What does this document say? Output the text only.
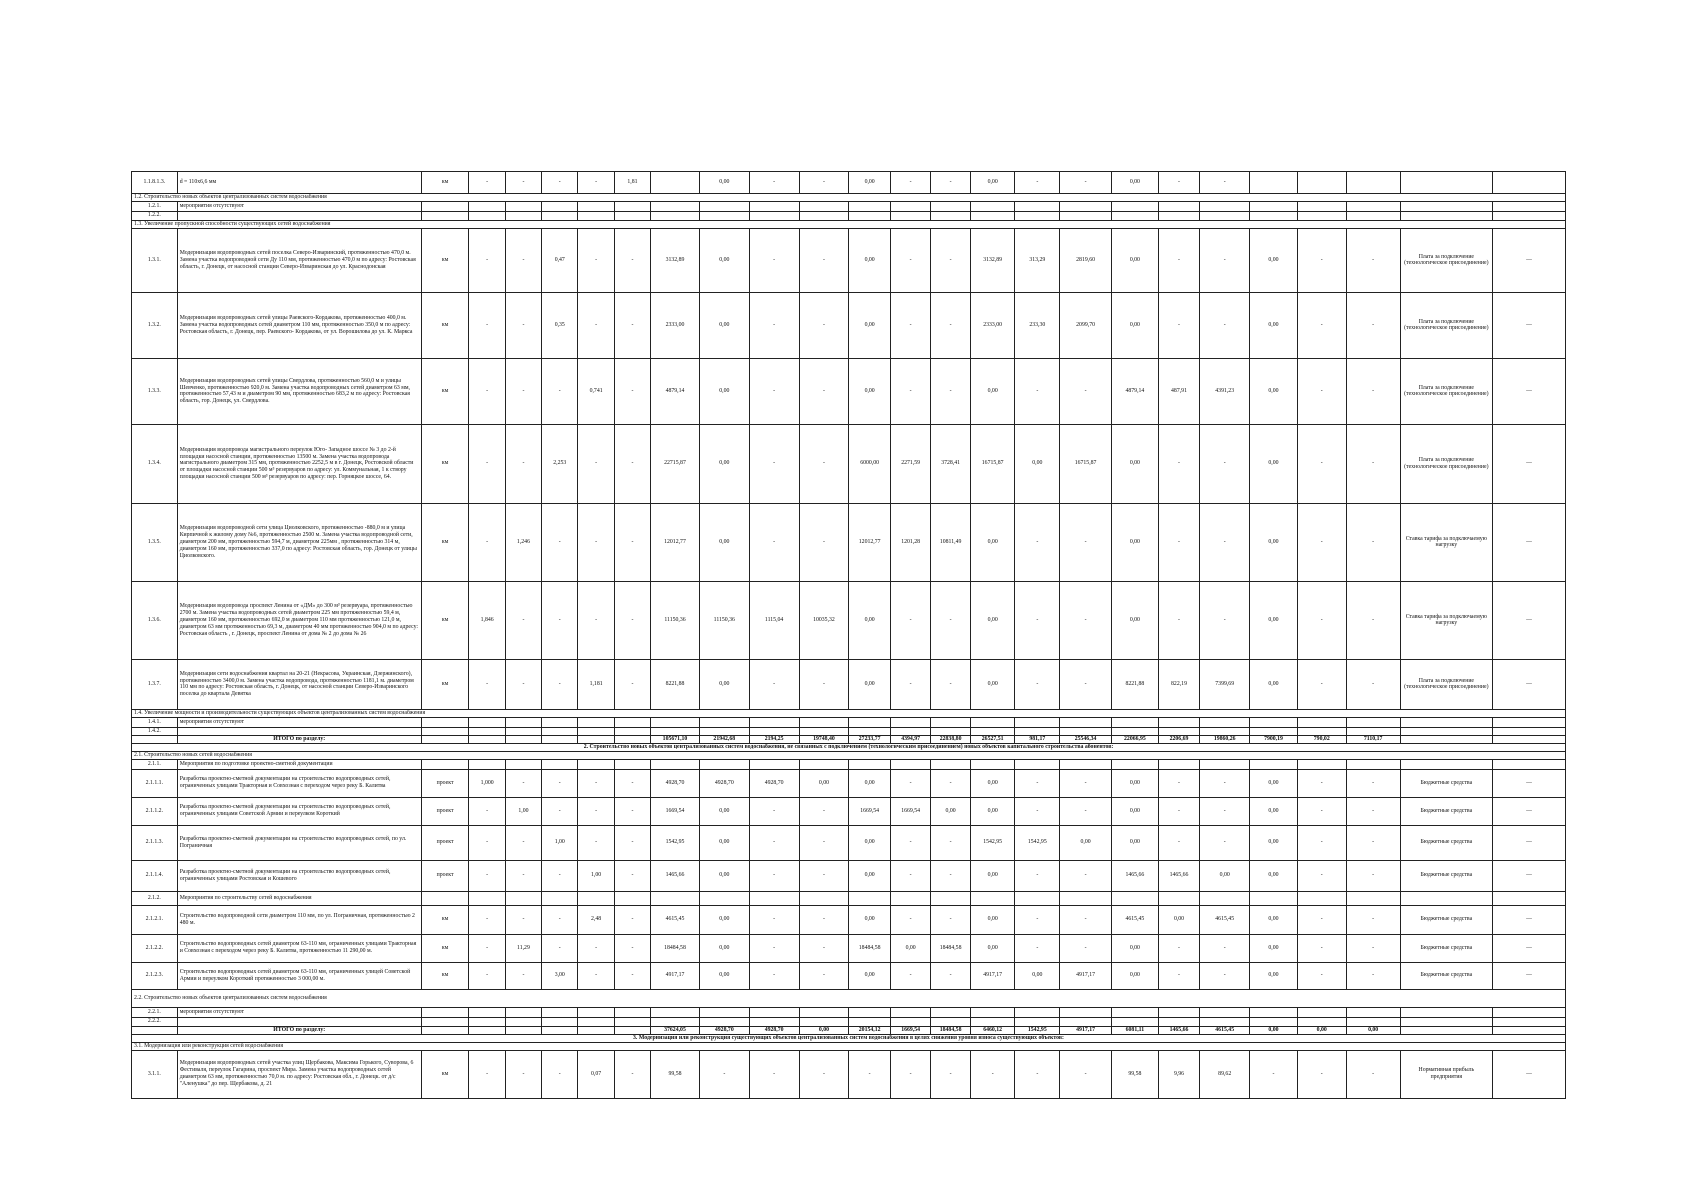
1.1.8.1.3.	d = 110х6,6 мм	км	-	-	-	-	1,81		0,00	-	-	0,00	-	-	0,00	-	-	0,00	-	-					
1.2. Строительство новых объектов централизованных систем водоснабжения																									
1.2.1.	мероприятия отсутствуют																								
1.2.2.																									
1.3. Увеличение пропускной способности существующих сетей водоснабжения																									
1.3.1.	Модернизация водопроводных сетей поселка Северо-Изваринский, протяженностью 470,0 м. Замена участка водопроводной сети Ду 110 мм, протяженностью 470,0 м по адресу: Ростовская область, г. Донецк, от насосной станции Северо-Изваринская до ул. Краснодонская	км	-	-	0,47	-	-	3132,89	0,00	-	-	0,00	-	-	3132,89	313,29	2819,60	0,00	-	-	0,00	-	-	Плата за подключение (технологическое присоединение)	—
1.3.2.	Модернизация водопроводных сетей улицы Раевского-Кордакова, протяженностью 400,0 м. Замена участка водопроводных сетей диаметром 110 мм, протяженностью 350,0 м по адресу: Ростовская область, г. Донецк, пер. Раевского- Кордакова, от ул. Ворошилова до ул. К. Маркса	км	-	-	0,35	-	-	2333,00	0,00	-	-	0,00	-	-	2333,00	233,30	2099,70	0,00	-	-	0,00	-	-	Плата за подключение (технологическое присоединение)	—
1.3.3.	Модернизация водопроводных сетей улицы Свердлова, протяженностью 560,0 м и улицы Шевченко, протяженностью 920,0 м. Замена участка водопроводных сетей диаметром 63 мм, протяженностью 57,43 м и диаметром 90 мм, протяженностью 683,2 м по адресу: Ростовская область, гор. Донецк, ул. Свердлова.	км	-	-	-	0,741	-	4879,14	0,00	-	-	0,00	-	-	0,00	-	-	4879,14	487,91	4391,23	0,00	-	-	Плата за подключение (технологическое присоединение)	—
1.3.4.	Модернизация водопровода магистрального переулок Юго- Западное шоссе № 3 до 2-й площадки насосной станции, протяженностью 13500 м. Замена участка водопровода магистрального диаметром 315 мм, протяженностью 2252,5 м в г. Донецк, Ростовской области от площадки насосной станции 500 м³ резервуаров по адресу: ул. Коммунальная, 1 к створу площадки насосной станции 500 м³ резервуаров по адресу: пер. Горняцкое шоссе, 64.	км	-	-	2,253	-	-	22715,87	0,00	-	-	6000,00	2271,59	3728,41	16715,87	0,00	16715,87	0,00	-	-	0,00	-	-	Плата за подключение (технологическое присоединение)	—
1.3.5.	Модернизация водопроводной сети улица Циолковского, протяженностью -880,0 м и улица Кирпичной к жилому дому №6, протяженностью 2500 м. Замена участка водопроводной сети, диаметром 200 мм, протяженностью 594,7 м, диаметром 225мм , протяженностью 314 м, диаметром 160 мм, протяженностью 337,0 по адресу: Ростовская область, гор. Донецк от улицы Циолковского.	км	-	1,246	-	-	-	12012,77	0,00	-	-	12012,77	1201,28	10811,49	0,00	-	-	0,00	-	-	0,00	-	-	Ставка тарифа за подключаемую нагрузку	—
1.3.6.	Модернизация водопровода проспект Ленина от «ДМ» до 300 м³ резервуара, протяженностью 2700 м. Замена участка водопроводных сетей диаметром 225 мм протяженностью 59,4 м, диаметром 160 мм, протяженностью 692,0 м диаметром 110 мм протяженностью 121,0 м, диаметром 63 мм протяженностью 69,3 м, диаметром 40 мм протяженностью 904,0 м по адресу: Ростовская область , г. Донецк, проспект Ленина от дома № 2 до дома № 26	км	1,846	-	-	-	-	11150,36	11150,36	1115,04	10035,32	0,00	-	-	0,00	-	-	0,00	-	-	0,00	-	-	Ставка тарифа за подключаемую нагрузку	—
1.3.7.	Модернизация сети водоснабжения квартал на 20-21 (Некрасова, Украинская, Дзержинского), протяженностью 3400,0 м. Замена участка водопровода, протяженностью 1181,1 м. диаметром 110 мм по адресу: Ростовская область, г. Донецк, от насосной станции Северо-Изваринского поселка до квартала Девятка	км	-	-	-	1,181	-	8221,88	0,00	-	-	0,00	-	-	0,00	-	-	8221,88	822,19	7399,69	0,00	-	-	Плата за подключение (технологическое присоединение)	—
1.4. Увеличение мощности и производительности существующих объектов централизованных систем водоснабжения																									
1.4.1.	мероприятия отсутствуют																								
1.4.2.																									
	ИТОГО по разделу:							105671,10	21942,68	2194,25	19748,40	27233,77	4394,97	22838,80	26527,51	981,17	25546,34	22066,95	2206,69	19860,26	7900,19	790,02	7110,17		
2. Строительство новых объектов централизованных систем водоснабжения, не связанных с подключением (технологическим присоединением) новых объектов капитального строительства абонентов:																									
2.1. Строительство новых сетей водоснабжения																									
2.1.1.	Мероприятия по подготовке проектно-сметной документации																								
2.1.1.1.	Разработка проектно-сметной документации на строительство водопроводных сетей, ограниченных улицами Тракторная и Совхозная с переходом через реку Б. Калитва	проект	1,000	-	-	-	-	4928,70	4928,70	4928,70	0,00	0,00	-	-	0,00	-	-	0,00	-	-	0,00	-	-	Бюджетные средства	—
2.1.1.2.	Разработка проектно-сметной документации на строительство водопроводных сетей, ограниченных улицами Советской Армии и переулком Короткий	проект	-	1,00	-	-	-	1669,54	0,00	-	-	1669,54	1669,54	0,00	0,00	-	-	0,00	-	-	0,00	-	-	Бюджетные средства	—
2.1.1.3.	Разработка проектно-сметной документации на строительство водопроводных сетей, по ул. Пограничная	проект	-	-	1,00	-	-	1542,95	0,00	-	-	0,00	-	-	1542,95	1542,95	0,00	0,00	-	-	0,00	-	-	Бюджетные средства	—
2.1.1.4.	Разработка проектно-сметной документации на строительство водопроводных сетей, ограниченных улицами Ростовская и Кошевого	проект	-	-	-	1,00	-	1465,66	0,00	-	-	0,00	-	-	0,00	-	-	1465,66	1465,66	0,00	0,00	-	-	Бюджетные средства	—
2.1.2.	Мероприятия по строительству сетей водоснабжения																								
2.1.2.1.	Строительство водопроводной сети диаметром 110 мм, по ул. Пограничная, протяженностью 2 480 м.	км	-	-	-	2,48	-	4615,45	0,00	-	-	0,00	-	-	0,00	-	-	4615,45	0,00	4615,45	0,00	-	-	Бюджетные средства	—
2.1.2.2.	Строительство водопроводных сетей диаметром 63-110 мм, ограниченных улицами Тракторная и Совхозная с переходом через реку Б. Калитва, протяженностью 11 290,00 м.	км	-	11,29	-	-	-	18484,58	0,00	-	-	18484,58	0,00	18484,58	0,00	-	-	0,00	-	-	0,00	-	-	Бюджетные средства	—
2.1.2.3.	Строительство водопроводных сетей диаметром 63-110 мм, ограниченных улицей Советской Армии и переулком Короткий протяженностью 3 000,00 м.	км	-	-	3,00	-	-	4917,17	0,00	-	-	0,00	-	-	4917,17	0,00	4917,17	0,00	-	-	0,00	-	-	Бюджетные средства	—
2.2. Строительство новых объектов централизованных систем водоснабжения																									
2.2.1.	мероприятия отсутствуют																								
2.2.2.																									
	ИТОГО по разделу:							37624,05	4928,70	4928,70	0,00	20154,12	1669,54	18484,58	6460,12	1542,95	4917,17	6081,11	1465,66	4615,45	0,00	0,00	0,00		
3. Модернизация или реконструкция существующих объектов централизованных систем водоснабжения в целях снижения уровня износа существующих объектов:																									
3.1. Модернизация или реконструкция сетей водоснабжения																									
3.1.1.	Модернизация водопроводных сетей участка улиц Щербакова, Максима Горького, Суворова, 6 Фестиваля, переулок Гагарина, проспект Мира. Замена участка водопроводных сетей диаметром 63 мм, протяженностью 70,0 м. по адресу: Ростовская обл., г. Донецк. от д/с "Аленушка" до пер. Щербакова, д. 21	км	-	-	-	0,07	-	99,58	-	-	-	-	-	-	-	-	-	99,58	9,96	89,62	-	-	-	Нормативная прибыль предприятия	—
